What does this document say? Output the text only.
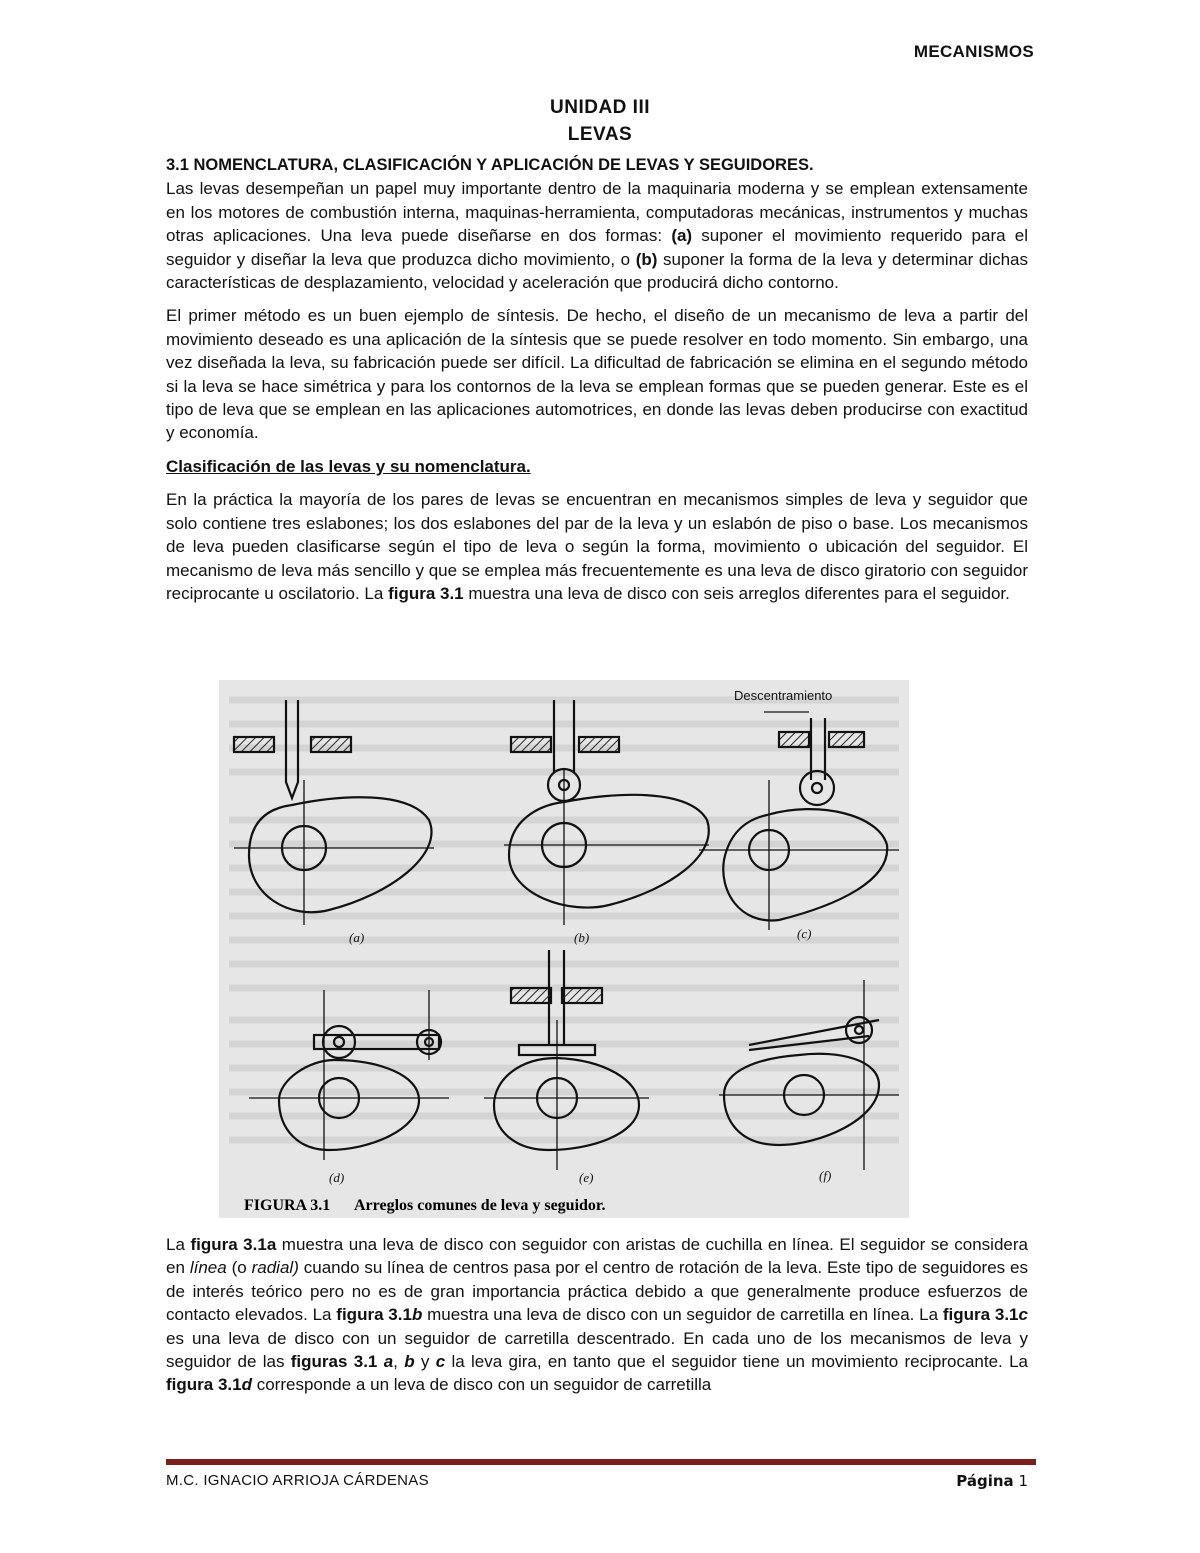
MECANISMOS
UNIDAD III
LEVAS
3.1 NOMENCLATURA, CLASIFICACIÓN Y APLICACIÓN DE LEVAS Y SEGUIDORES.

Las levas desempeñan un papel muy importante dentro de la maquinaria moderna y se emplean extensamente en los motores de combustión interna, maquinas-herramienta, computadoras mecánicas, instrumentos y muchas otras aplicaciones. Una leva puede diseñarse en dos formas: (a) suponer el movimiento requerido para el seguidor y diseñar la leva que produzca dicho movimiento, o (b) suponer la forma de la leva y determinar dichas características de desplazamiento, velocidad y aceleración que producirá dicho contorno.

El primer método es un buen ejemplo de síntesis. De hecho, el diseño de un mecanismo de leva a partir del movimiento deseado es una aplicación de la síntesis que se puede resolver en todo momento. Sin embargo, una vez diseñada la leva, su fabricación puede ser difícil. La dificultad de fabricación se elimina en el segundo método si la leva se hace simétrica y para los contornos de la leva se emplean formas que se pueden generar. Este es el tipo de leva que se emplean en las aplicaciones automotrices, en donde las levas deben producirse con exactitud y economía.

Clasificación de las levas y su nomenclatura.

En la práctica la mayoría de los pares de levas se encuentran en mecanismos simples de leva y seguidor que solo contiene tres eslabones; los dos eslabones del par de la leva y un eslabón de piso o base. Los mecanismos de leva pueden clasificarse según el tipo de leva o según la forma, movimiento o ubicación del seguidor. El mecanismo de leva más sencillo y que se emplea más frecuentemente es una leva de disco giratorio con seguidor reciprocante u oscilatorio. La figura 3.1 muestra una leva de disco con seis arreglos diferentes para el seguidor.

Descentramiento
(a)	(b)	(c)
(d)	(e)	(f)
FIGURA 3.1 Arreglos comunes de leva y seguidor.

La figura 3.1a muestra una leva de disco con seguidor con aristas de cuchilla en línea. El seguidor se considera en línea (o radial) cuando su línea de centros pasa por el centro de rotación de la leva. Este tipo de seguidores es de interés teórico pero no es de gran importancia práctica debido a que generalmente produce esfuerzos de contacto elevados. La figura 3.1b muestra una leva de disco con un seguidor de carretilla en línea. La figura 3.1c es una leva de disco con un seguidor de carretilla descentrado. En cada uno de los mecanismos de leva y seguidor de las figuras 3.1 a, b y c la leva gira, en tanto que el seguidor tiene un movimiento reciprocante. La figura 3.1d corresponde a un leva de disco con un seguidor de carretilla

M.C. IGNACIO ARRIOJA CÁRDENAS	Página 1
